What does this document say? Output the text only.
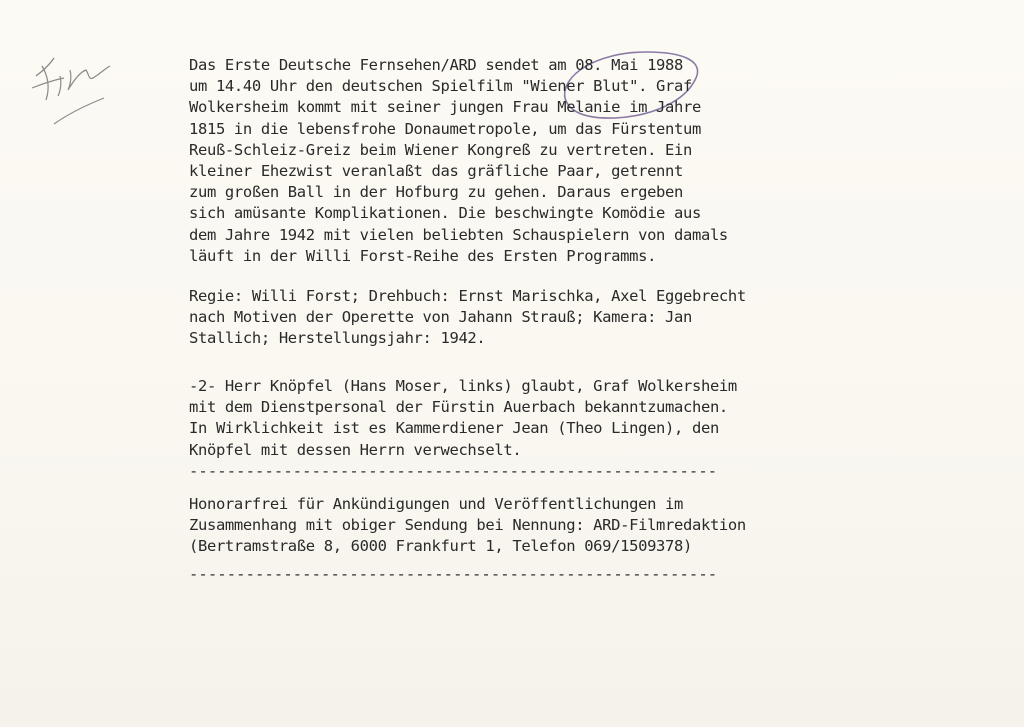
Das Erste Deutsche Fernsehen/ARD sendet am 08. Mai 1988
um 14.40 Uhr den deutschen Spielfilm "Wiener Blut". Graf
Wolkersheim kommt mit seiner jungen Frau Melanie im Jahre
1815 in die lebensfrohe Donaumetropole, um das Fürstentum
Reuß-Schleiz-Greiz beim Wiener Kongreß zu vertreten. Ein
kleiner Ehezwist veranlaßt das gräfliche Paar, getrennt
zum großen Ball in der Hofburg zu gehen. Daraus ergeben
sich amüsante Komplikationen. Die beschwingte Komödie aus
dem Jahre 1942 mit vielen beliebten Schauspielern von damals
läuft in der Willi Forst-Reihe des Ersten Programms.
Regie: Willi Forst; Drehbuch: Ernst Marischka, Axel Eggebrecht
nach Motiven der Operette von Jahann Strauß; Kamera: Jan
Stallich; Herstellungsjahr: 1942.
-2- Herr Knöpfel (Hans Moser, links) glaubt, Graf Wolkersheim
mit dem Dienstpersonal der Fürstin Auerbach bekanntzumachen.
In Wirklichkeit ist es Kammerdiener Jean (Theo Lingen), den
Knöpfel mit dessen Herrn verwechselt.
--------------------------------------------------------
Honorarfrei für Ankündigungen und Veröffentlichungen im
Zusammenhang mit obiger Sendung bei Nennung: ARD-Filmredaktion
(Bertramstraße 8, 6000 Frankfurt 1, Telefon 069/1509378)
--------------------------------------------------------
